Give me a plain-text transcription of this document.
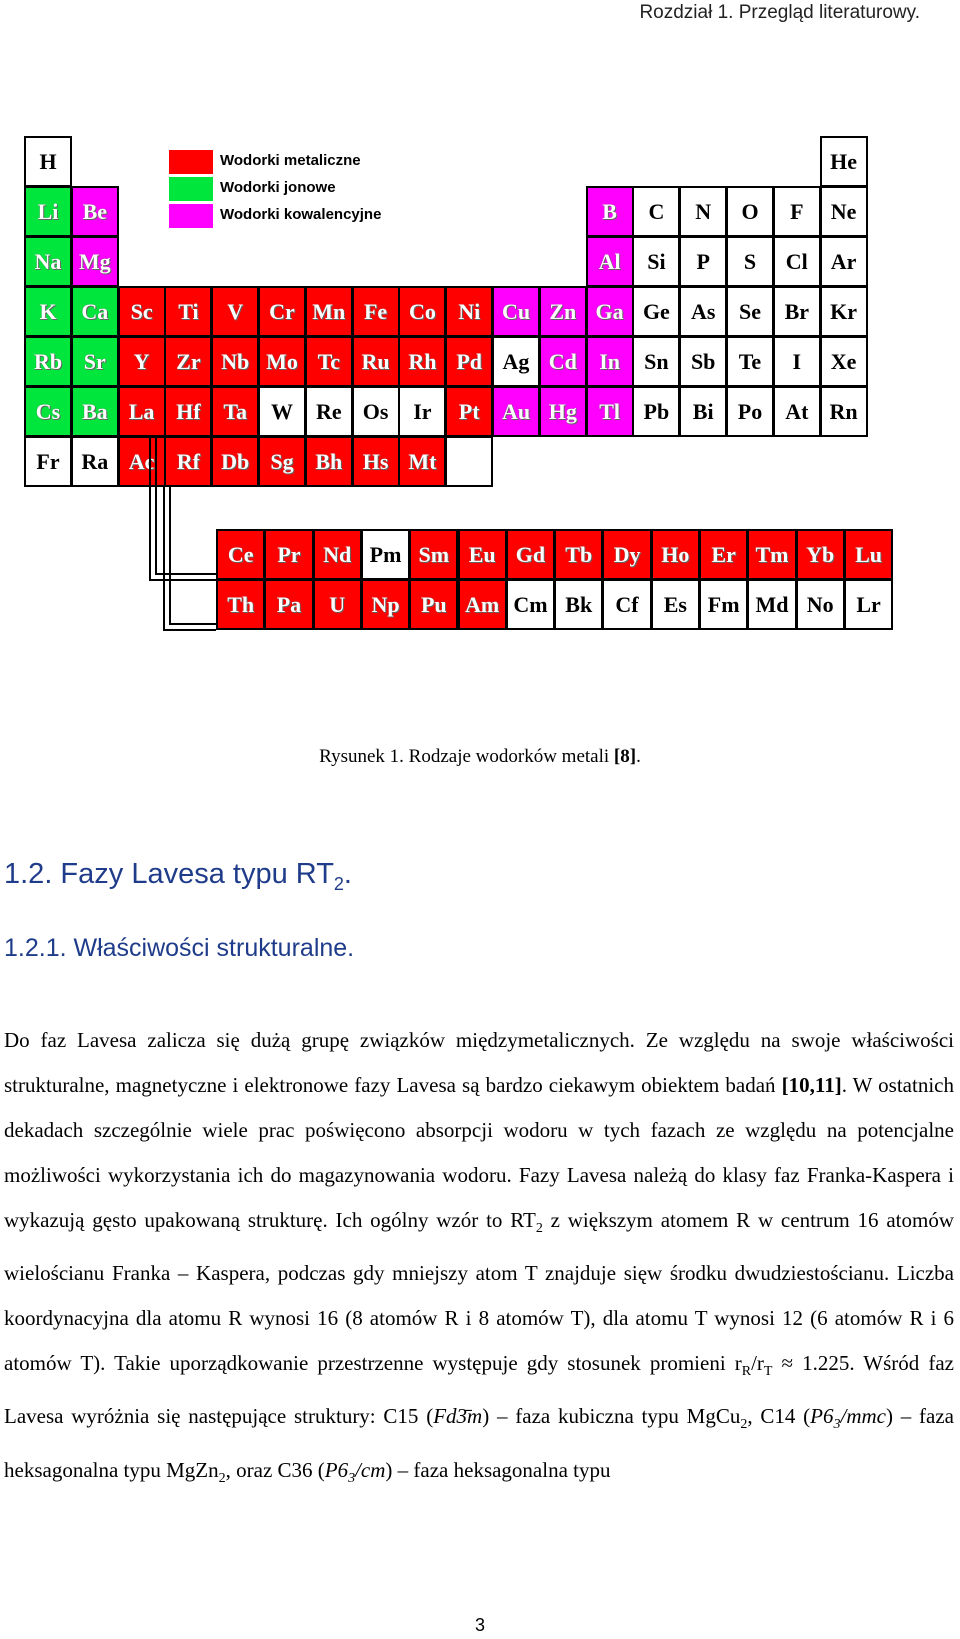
Rozdział 1. Przegląd literaturowy.
Wodorki metaliczne
Wodorki jonowe
Wodorki kowalencyjne
H	He
Li	Be	B	C	N	O	F	Ne
Na Mg	Al	Si	P	S	Cl	Ar
K	Ca	Sc	Ti	V	Cr Mn Fe Co	Ni Cu Zn Ga Ge As	Se	Br Kr
Rb Sr	Y	Zr Nb Mo Tc Ru Rh Pd Ag Cd	In	Sn	Sb	Te	I	Xe
Cs Ba La Hf	Ta	W	Re Os	Ir	Pt	Au Hg	Tl	Pb	Bi	Po	At Rn
Fr Ra Ac	Rf Db Sg Bh Hs Mt
Ce	Pr	Nd Pm Sm Eu Gd Tb Dy Ho	Er Tm Yb Lu
Th	Pa	U	Np Pu Am Cm Bk	Cf	Es Fm Md No	Lr
Rysunek 1. Rodzaje wodorków metali [8].
1.2. Fazy Lavesa typu $RT_2$.
1.2.1. Właściwości strukturalne.
Do faz Lavesa zalicza się dużą grupę związków międzymetalicznych. Ze względu na swoje właściwości strukturalne, magnetyczne i elektronowe fazy Lavesa są bardzo ciekawym obiektem badań [10,11]. W ostatnich dekadach szczególnie wiele prac poświęcono absorpcji wodoru w tych fazach ze względu na potencjalne możliwości wykorzystania ich do magazynowania wodoru. Fazy Lavesa należą do klasy faz Franka-Kaspera i wykazują gęsto upakowaną strukturę. Ich ogólny wzór to $RT_2$ z większym atomem R w centrum 16 atomów wielościanu Franka – Kaspera, podczas gdy mniejszy atom T znajduje sięw środku dwudziestościanu. Liczba koordynacyjna dla atomu R wynosi 16 (8 atomów R i 8 atomów T), dla atomu T wynosi 12 (6 atomów R i 6 atomów T). Takie uporządkowanie przestrzenne występuje gdy stosunek promieni $r_R/r_T \approx 1.225$. Wśród faz Lavesa wyróżnia się następujące struktury: C15 (Fd3̄m) – faza kubiczna typu MgCu$_2$, C14 $(P6_3/mmc)$ – faza heksagonalna typu MgZn$_2$, oraz C36 $(P6_3/cm)$ – faza heksagonalna typu
3
